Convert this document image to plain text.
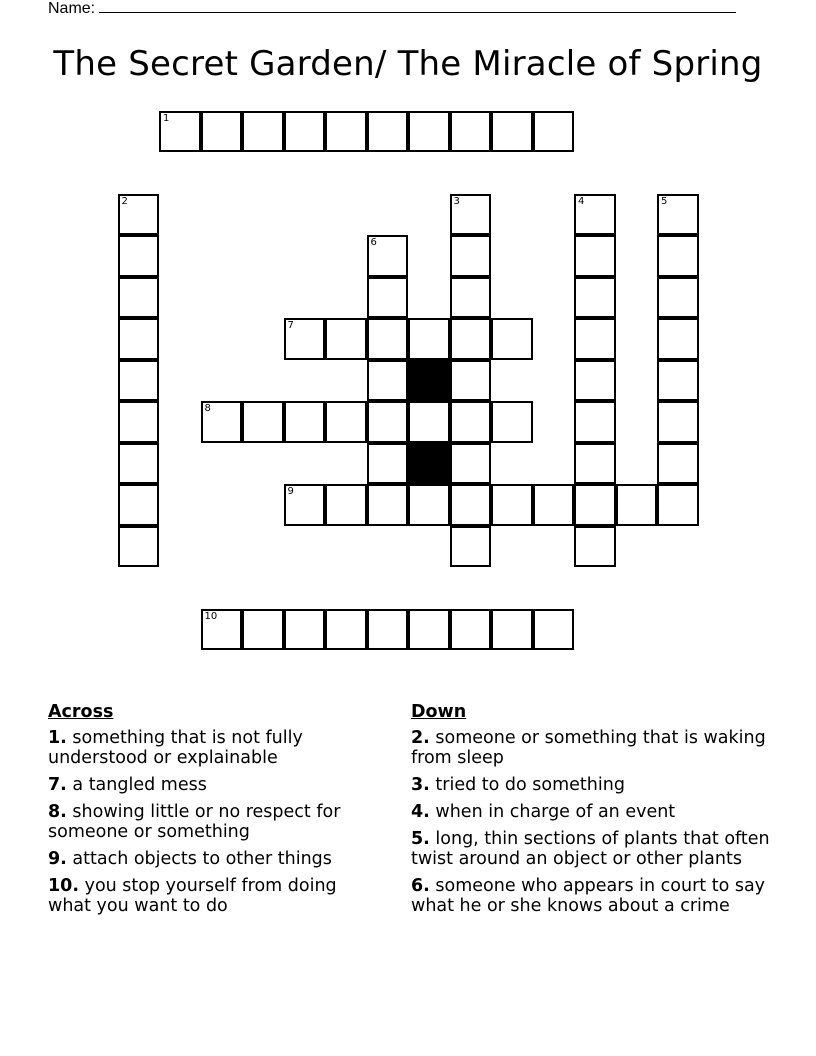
Name:
The Secret Garden/ The Miracle of Spring
1
2	3	4	5
6
7
8
9
10
Across
1. something that is not fully understood or explainable
7. a tangled mess
8. showing little or no respect for someone or something
9. attach objects to other things
10. you stop yourself from doing what you want to do
Down
2. someone or something that is waking from sleep
3. tried to do something
4. when in charge of an event
5. long, thin sections of plants that often twist around an object or other plants
6. someone who appears in court to say what he or she knows about a crime
